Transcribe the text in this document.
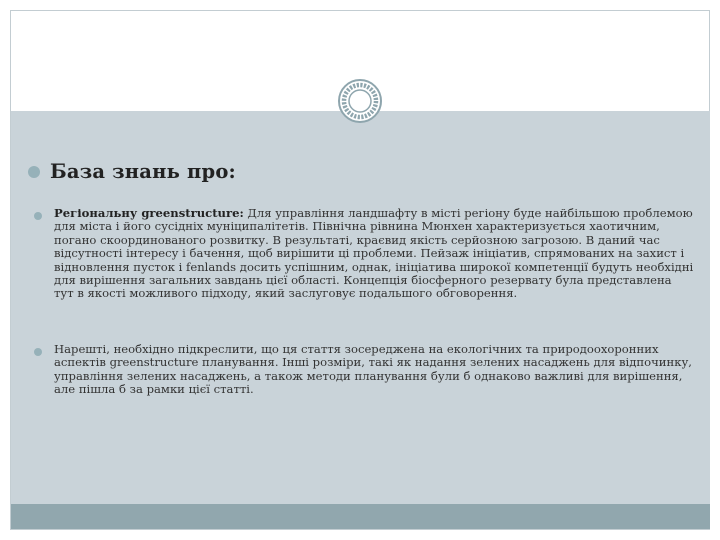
База знань про:
Регіональну greenstructure: Для управління ландшафту в місті регіону буде найбільшою проблемою для міста і його сусідніх муніципалітетів. Північна рівнина Мюнхен характеризується хаотичним, погано скоординованого розвитку. В результаті, краєвид якість серйозною загрозою. В даний час відсутності інтересу і бачення, щоб вирішити ці проблеми. Пейзаж ініціатив, спрямованих на захист і відновлення пусток і fenlands досить успішним, однак, ініціатива широкої компетенції будуть необхідні для вирішення загальних завдань цієї області. Концепція біосферного резервату була представлена тут в якості можливого підходу, який заслуговує подальшого обговорення.
Нарешті, необхідно підкреслити, що ця стаття зосереджена на екологічних та природоохоронних аспектів greenstructure планування. Інші розміри, такі як надання зелених насаджень для відпочинку, управління зелених насаджень, а також методи планування були б однаково важливі для вирішення, але пішла б за рамки цієї статті.
